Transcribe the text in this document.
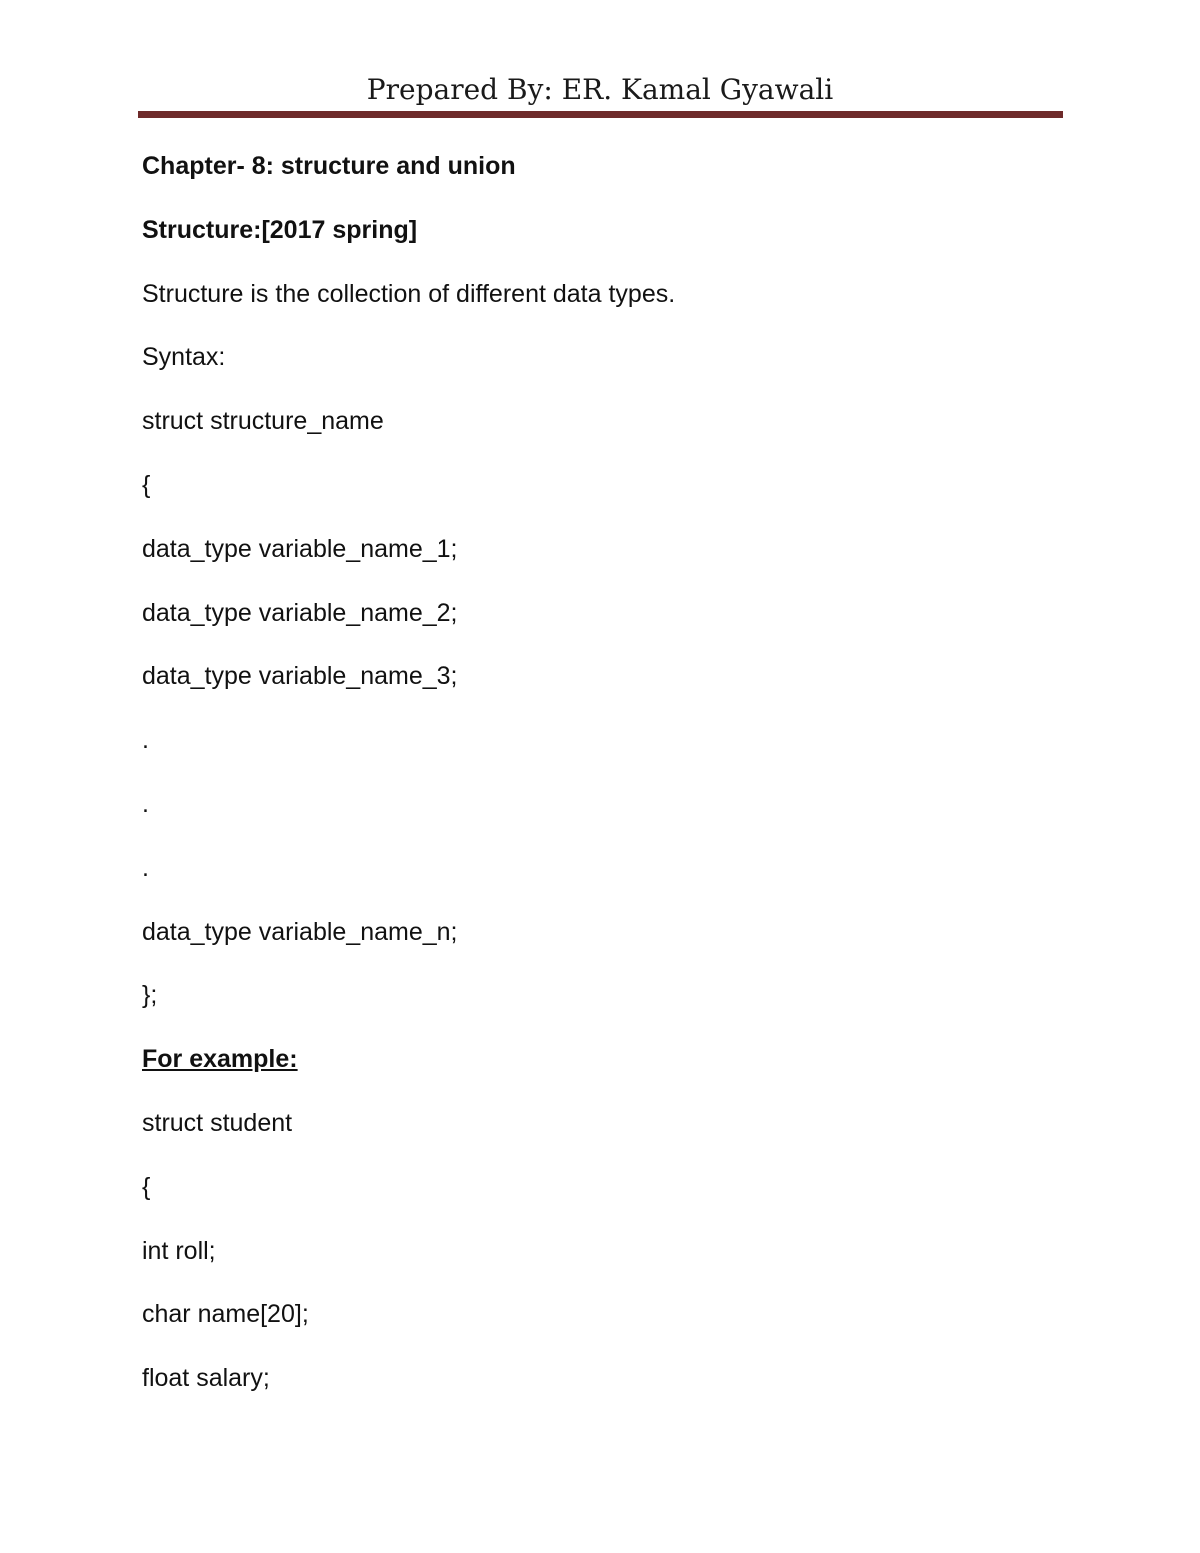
Prepared By: ER. Kamal Gyawali
Chapter- 8: structure and union
Structure:[2017 spring]
Structure is the collection of different data types.
Syntax:
struct structure_name
{
data_type variable_name_1;
data_type variable_name_2;
data_type variable_name_3;
.
.
.
data_type variable_name_n;
};
For example:
struct student
{
int roll;
char name[20];
float salary;
